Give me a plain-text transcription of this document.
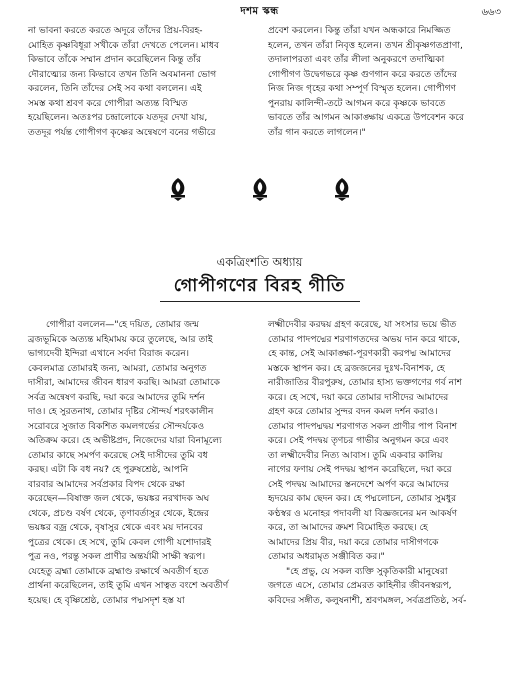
দশম স্কন্ধ	৬৬৩

না ভাবনা করতে করতে অদূরে তাঁদের প্রিয়-বিরহ-

মোহিত কৃষ্ণবিধূরা সখীকে তাঁরা দেখতে পেলেন। মাধব

কিভাবে তাঁকে সম্মান প্রদান করেছিলেন কিন্তু তাঁর

দৌরাত্ম্যের জন্য কিভাবে তখন তিনি অবমাননা ভোগ

করলেন, তিনি তাঁদের সেই সব কথা বললেন। এই

সমস্ত কথা শ্রবণ করে গোপীরা অত্যন্ত বিস্মিত

হয়েছিলেন। অতঃপর চন্দ্রালোকে যতদূর দেখা যায়,

ততদূর পর্যন্ত গোপীগণ কৃষ্ণের অন্বেষণে বনের গভীরে

প্রবেশ করলেন। কিন্তু তাঁরা যখন অন্ধকারে নিমজ্জিত

হলেন, তখন তাঁরা নিবৃত্ত হলেন। তখন শ্রীকৃষ্ণগতপ্রাণা,

তদালাপরতা এবং তাঁর লীলা অনুকরণে তদাত্মিকা

গোপীগণ উদ্বেগভরে কৃষ্ণ গুণগান করে করতে তাঁদের

নিজ নিজ গৃহের কথা সম্পূর্ণ বিস্মৃত হলেন। গোপীগণ

পুনরায় কালিন্দী-তটে আগমন করে কৃষ্ণকে ভাবতে

ভাবতে তাঁর আগমন আকাঙ্ক্ষায় একত্রে উপবেশন করে

তাঁর গান করতে লাগলেন।"

একত্রিংশতি অধ্যায়
গোপীগণের বিরহ গীতি

গোপীরা বললেন—"হে দয়িত, তোমার জন্ম

ব্রজভূমিকে অত্যন্ত মহিমাময় করে তুলেছে, আর তাই

ভাগ্যদেবী ইন্দিরা এখানে সর্বদা বিরাজ করেন।

কেবলমাত্র তোমারই জন্য, আমরা, তোমার অনুগত

দাসীরা, আমাদের জীবন ধারণ করছি। আমরা তোমাকে

সর্বত্র অন্বেষণ করছি, দয়া করে আমাদের তুমি দর্শন

দাও। হে সুরতনাথ, তোমার দৃষ্টির সৌন্দর্য শরৎকালীন

সরোবরে সুজাত বিকশিত কমলগর্ভের সৌন্দর্যকেও

অতিক্রম করে। হে অভীষ্টপ্রদ, নিজেদের যারা বিনামূল্যে

তোমার কাছে সমর্পণ করেছে সেই দাসীদের তুমি বধ

করছ। এটা কি বধ নয়? হে পুরুষশ্রেষ্ঠ, আপনি

বারবার আমাদের সর্বপ্রকার বিপদ থেকে রক্ষা

করেছেন—বিষাক্ত জল থেকে, ভয়ঙ্কর নরখাদক অঘ

থেকে, প্রচণ্ড বর্ষণ থেকে, তৃণাবর্তাসুর থেকে, ইন্দ্রের

ভয়ঙ্কর বজ্র থেকে, বৃষাসুর থেকে এবং ময় দানবের

পুত্রের থেকে। হে সখে, তুমি কেবল গোপী যশোদারই

পুত্র নও, পরন্তু সকল প্রাণীর অন্তর্যামী সাক্ষী স্বরূপ।

যেহেতু ব্রহ্মা তোমাকে ব্রহ্মাণ্ড রক্ষার্থে অবতীর্ণ হতে

প্রার্থনা করেছিলেন, তাই তুমি এখন সাত্বত বংশে অবতীর্ণ

হয়েছ। হে বৃষ্ণিশ্রেষ্ঠ, তোমার পদ্মসদৃশ হস্ত যা

লক্ষ্মীদেবীর করদ্বয় গ্রহণ করেছে, যা সংসার ভয়ে ভীত

তোমার পাদপদ্মের শরণাগতদের অভয় দান করে থাকে,

হে কান্ত, সেই আকাঙ্ক্ষা-পূরণকারী করপদ্ম আমাদের

মস্তকে স্থাপন কর। হে ব্রজজনের দুঃখ-বিনাশক, হে

নারীজাতির বীরপুরুষ, তোমার হাস্য ভক্তগণের গর্ব নাশ

করে। হে সখে, দয়া করে তোমার দাসীদের আমাদের

গ্রহণ করে তোমার সুন্দর বদন কমল দর্শন করাও।

তোমার পাদপদ্মদ্বয় শরণাগত সকল প্রাণীর পাপ বিনাশ

করে। সেই পদদ্বয় তৃণচর গাভীর অনুগমন করে এবং

তা লক্ষ্মীদেবীর নিত্য আবাস। তুমি একবার কালিয়

নাগের ফণায় সেই পদদ্বয় স্থাপন করেছিলে, দয়া করে

সেই পদদ্বয় আমাদের স্তনদেশে অর্পণ করে আমাদের

হৃদয়ের কাম ছেদন কর। হে পদ্মলোচন, তোমার সুমধুর

কণ্ঠস্বর ও মনোহর পদাবলী যা বিজ্ঞজনের মন আকর্ষণ

করে, তা আমাদের ক্রমশ বিমোহিত করছে। হে

আমাদের প্রিয় বীর, দয়া করে তোমার দাসীগণকে

তোমার অধরামৃত সঞ্জীবিত কর।"

"হে প্রভু, যে সকল ব্যক্তি সুকৃতিকারী মানুষেরা

জগতে এসে, তোমার প্রেমরত কাহিনীর জীবনস্বরূপ,

কবিদের সঙ্গীত, কলুষনাশী, শ্রবণমঙ্গল, সর্বত্রপ্রতিষ্ঠ, সর্ব-
